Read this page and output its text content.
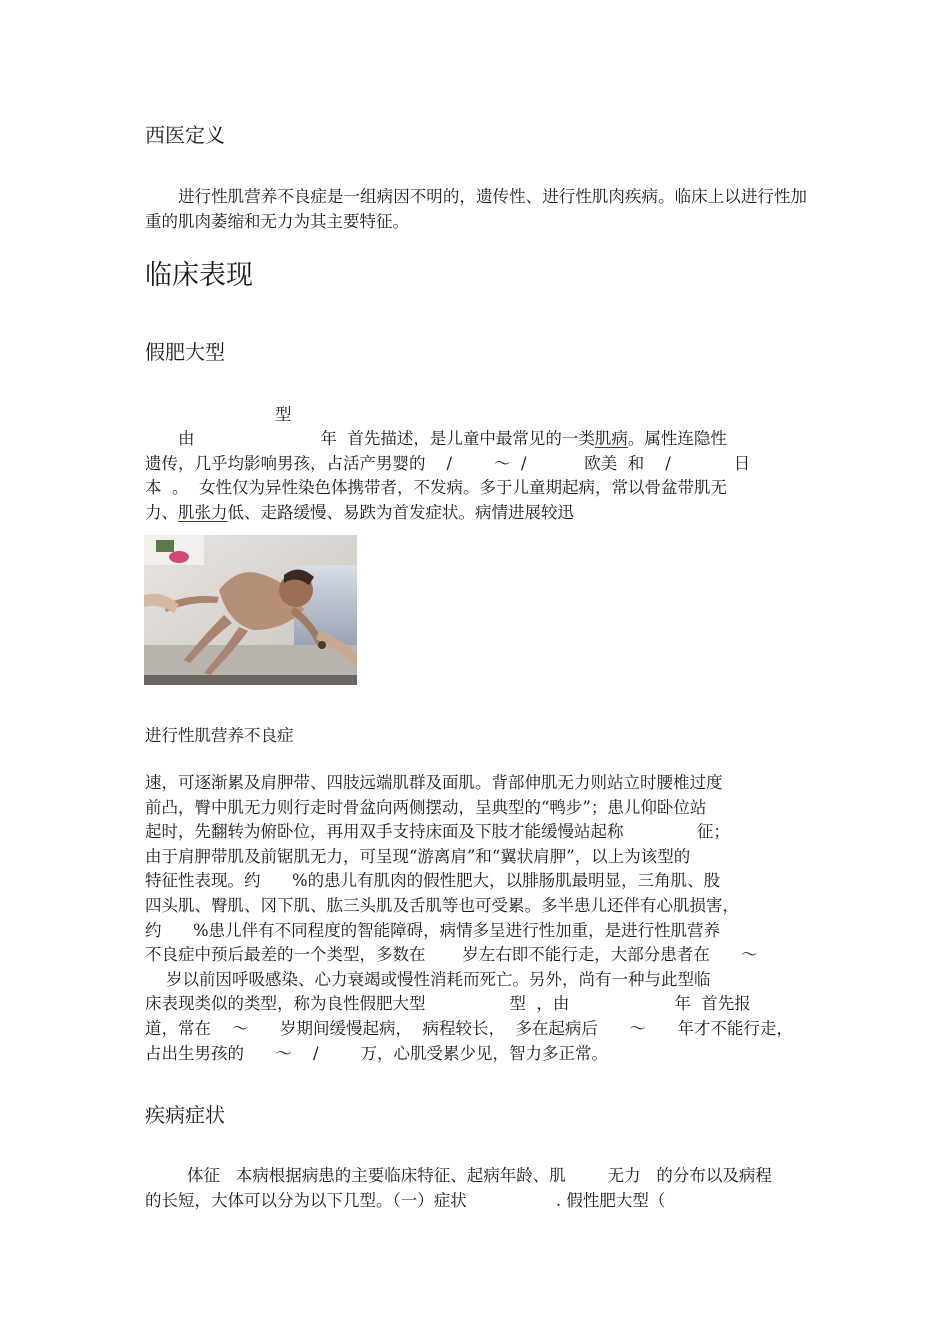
西医定义
进行性肌营养不良症是一组病因不明的，遗传性、进行性肌肉疾病。临床上以进行性加重的肌肉萎缩和无力为其主要特征。
临床表现
假肥大型
型
由                        年  首先描述，是儿童中最常见的一类肌病。属性连隐性
遗传，几乎均影响男孩，占活产男婴的    /        ～  /           欧美  和    /            日
本  。  女性仅为异性染色体携带者，不发病。多于儿童期起病，常以骨盆带肌无
力、肌张力低、走路缓慢、易跌为首发症状。病情进展较迅
进行性肌营养不良症
速，可逐渐累及肩胛带、四肢远端肌群及面肌。背部伸肌无力则站立时腰椎过度
前凸，臀中肌无力则行走时骨盆向两侧摆动，呈典型的“鸭步”；患儿仰卧位站
起时，先翻转为俯卧位，再用双手支持床面及下肢才能缓慢站起称              征；
由于肩胛带肌及前锯肌无力，可呈现“游离肩”和“翼状肩胛”，以上为该型的
特征性表现。约      %的患儿有肌肉的假性肥大，以腓肠肌最明显，三角肌、股
四头肌、臀肌、冈下肌、肱三头肌及舌肌等也可受累。多半患儿还伴有心肌损害，
约      %患儿伴有不同程度的智能障碍，病情多呈进行性加重，是进行性肌营养
不良症中预后最差的一个类型，多数在       岁左右即不能行走，大部分患者在      ～
岁以前因呼吸感染、心力衰竭或慢性消耗而死亡。另外，尚有一种与此型临
床表现类似的类型，称为良性假肥大型                型  ，由                    年  首先报
道，常在    ～      岁期间缓慢起病，  病程较长，  多在起病后      ～      年才不能行走，
占出生男孩的      ～    /        万，心肌受累少见，智力多正常。
疾病症状
体征   本病根据病患的主要临床特征、起病年龄、肌        无力   的分布以及病程
的长短，大体可以分为以下几型。（一）症状                 . 假性肥大型（
